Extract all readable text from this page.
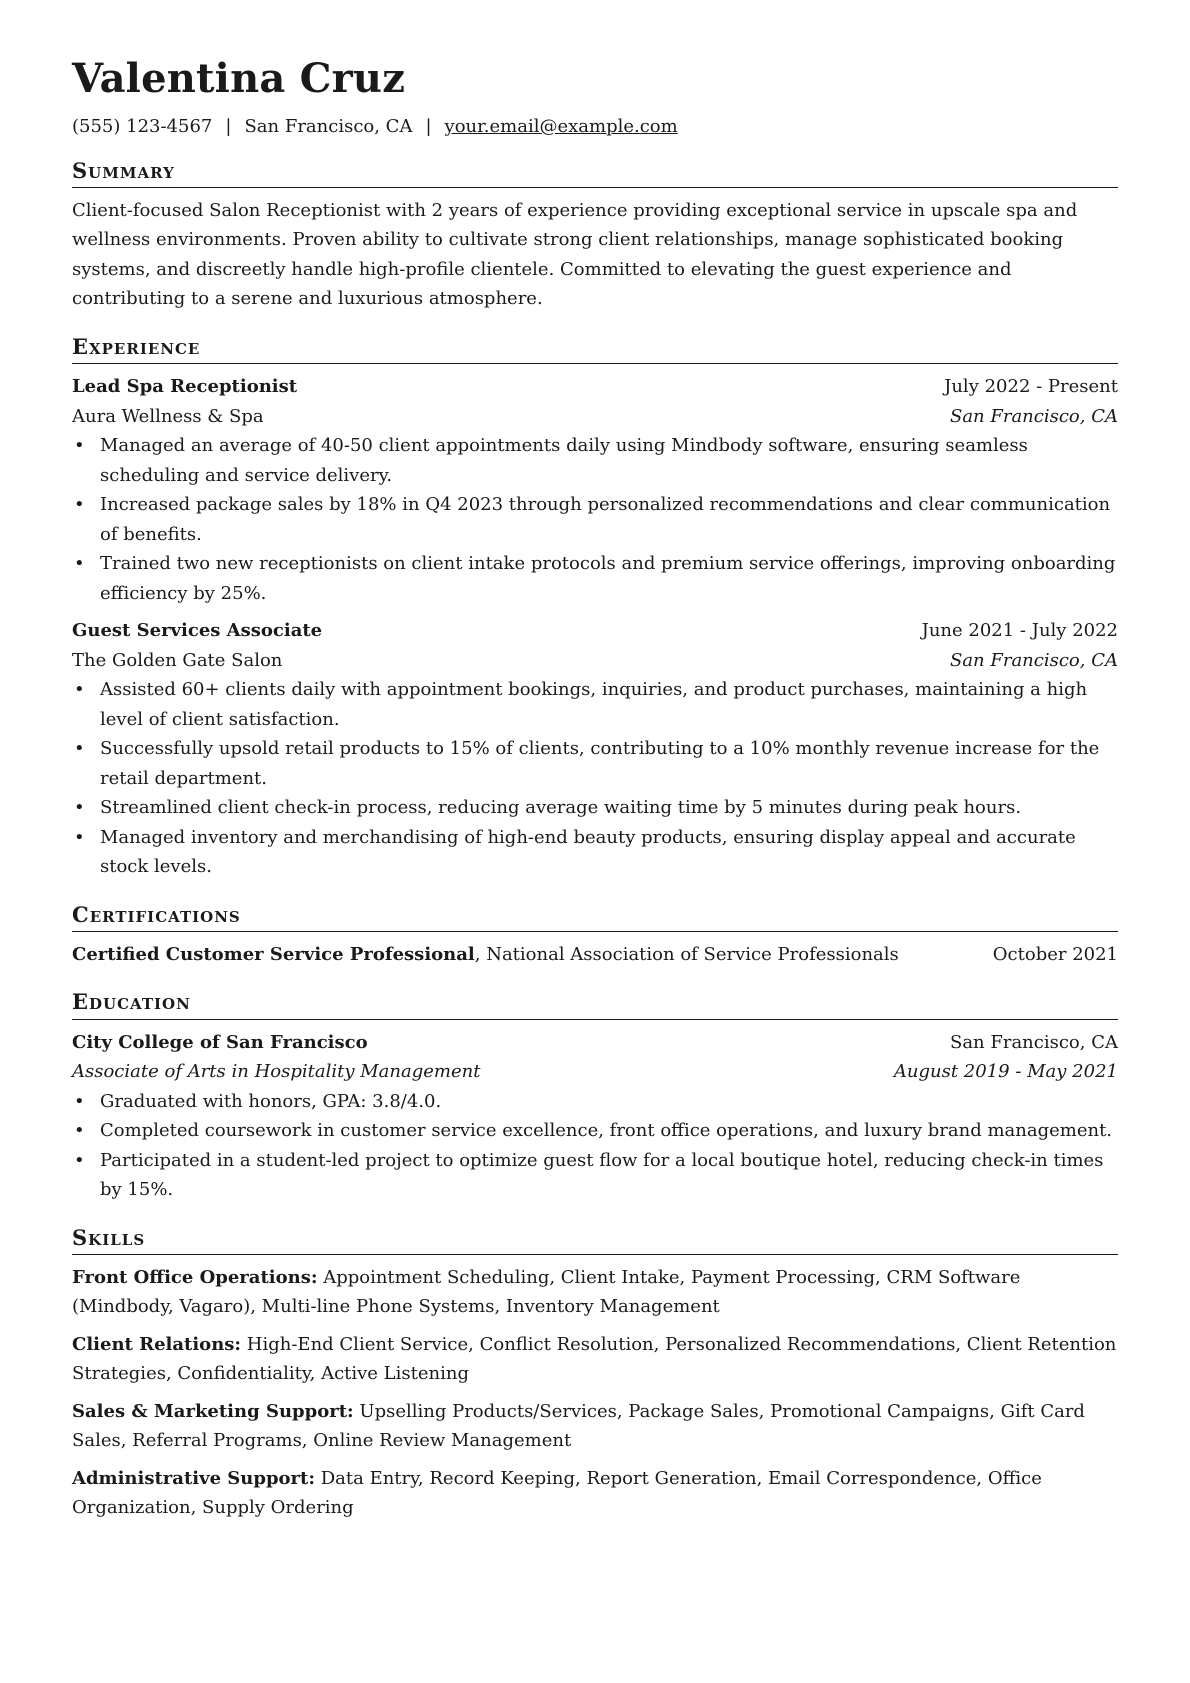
Valentina Cruz
(555) 123-4567 | San Francisco, CA | your.email@example.com
Summary

Client-focused Salon Receptionist with 2 years of experience providing exceptional service in upscale spa and wellness environments. Proven ability to cultivate strong client relationships, manage sophisticated booking systems, and discreetly handle high-profile clientele. Committed to elevating the guest experience and contributing to a serene and luxurious atmosphere.

Experience
Lead Spa Receptionist	July 2022 - Present
Aura Wellness & Spa	San Francisco, CA
• Managed an average of 40-50 client appointments daily using Mindbody software, ensuring seamless scheduling and service delivery.
• Increased package sales by 18% in Q4 2023 through personalized recommendations and clear communication of benefits.
• Trained two new receptionists on client intake protocols and premium service offerings, improving onboarding efficiency by 25%.
Guest Services Associate	June 2021 - July 2022
The Golden Gate Salon	San Francisco, CA
• Assisted 60+ clients daily with appointment bookings, inquiries, and product purchases, maintaining a high level of client satisfaction.
• Successfully upsold retail products to 15% of clients, contributing to a 10% monthly revenue increase for the retail department.
• Streamlined client check-in process, reducing average waiting time by 5 minutes during peak hours.
• Managed inventory and merchandising of high-end beauty products, ensuring display appeal and accurate stock levels.
Certifications
Certified Customer Service Professional, National Association of Service Professionals	October 2021
Education
City College of San Francisco	San Francisco, CA
Associate of Arts in Hospitality Management	August 2019 - May 2021
• Graduated with honors, GPA: 3.8/4.0.
• Completed coursework in customer service excellence, front office operations, and luxury brand management.
• Participated in a student-led project to optimize guest flow for a local boutique hotel, reducing check-in times by 15%.
Skills

Front Office Operations: Appointment Scheduling, Client Intake, Payment Processing, CRM Software (Mindbody, Vagaro), Multi-line Phone Systems, Inventory Management

Client Relations: High-End Client Service, Conflict Resolution, Personalized Recommendations, Client Retention Strategies, Confidentiality, Active Listening

Sales & Marketing Support: Upselling Products/Services, Package Sales, Promotional Campaigns, Gift Card Sales, Referral Programs, Online Review Management

Administrative Support: Data Entry, Record Keeping, Report Generation, Email Correspondence, Office Organization, Supply Ordering
